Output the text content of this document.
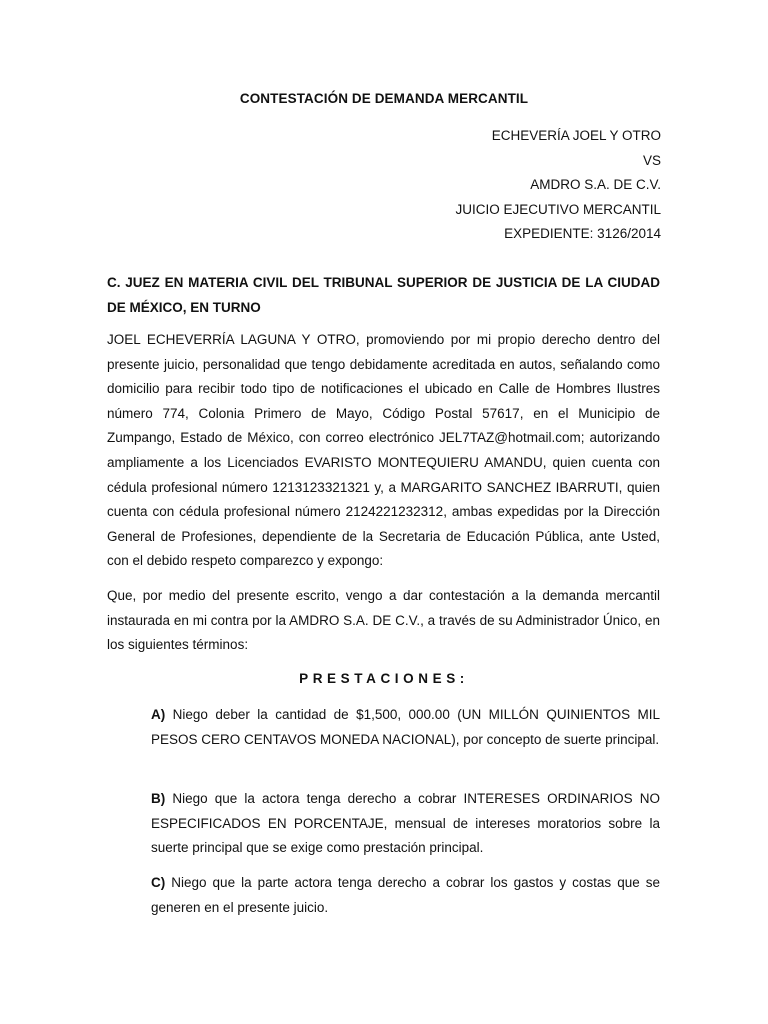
CONTESTACIÓN DE DEMANDA MERCANTIL
ECHEVERÍA JOEL Y OTRO
VS
AMDRO S.A. DE C.V.
JUICIO EJECUTIVO MERCANTIL
EXPEDIENTE: 3126/2014
C. JUEZ EN MATERIA CIVIL DEL TRIBUNAL SUPERIOR DE JUSTICIA DE LA CIUDAD DE MÉXICO, EN TURNO

JOEL ECHEVERRÍA LAGUNA Y OTRO, promoviendo por mi propio derecho dentro del presente juicio, personalidad que tengo debidamente acreditada en autos, señalando como domicilio para recibir todo tipo de notificaciones el ubicado en Calle de Hombres Ilustres número 774, Colonia Primero de Mayo, Código Postal 57617, en el Municipio de Zumpango, Estado de México, con correo electrónico JEL7TAZ@hotmail.com; autorizando ampliamente a los Licenciados EVARISTO MONTEQUIERU AMANDU, quien cuenta con cédula profesional número 1213123321321 y, a MARGARITO SANCHEZ IBARRUTI, quien cuenta con cédula profesional número 2124221232312, ambas expedidas por la Dirección General de Profesiones, dependiente de la Secretaria de Educación Pública, ante Usted, con el debido respeto comparezco y expongo:

Que, por medio del presente escrito, vengo a dar contestación a la demanda mercantil instaurada en mi contra por la AMDRO S.A. DE C.V., a través de su Administrador Único, en los siguientes términos:

PRESTACIONES:

A) Niego deber la cantidad de $1,500, 000.00 (UN MILLÓN QUINIENTOS MIL PESOS CERO CENTAVOS MONEDA NACIONAL), por concepto de suerte principal.

B) Niego que la actora tenga derecho a cobrar INTERESES ORDINARIOS NO ESPECIFICADOS EN PORCENTAJE, mensual de intereses moratorios sobre la suerte principal que se exige como prestación principal.

C) Niego que la parte actora tenga derecho a cobrar los gastos y costas que se generen en el presente juicio.
